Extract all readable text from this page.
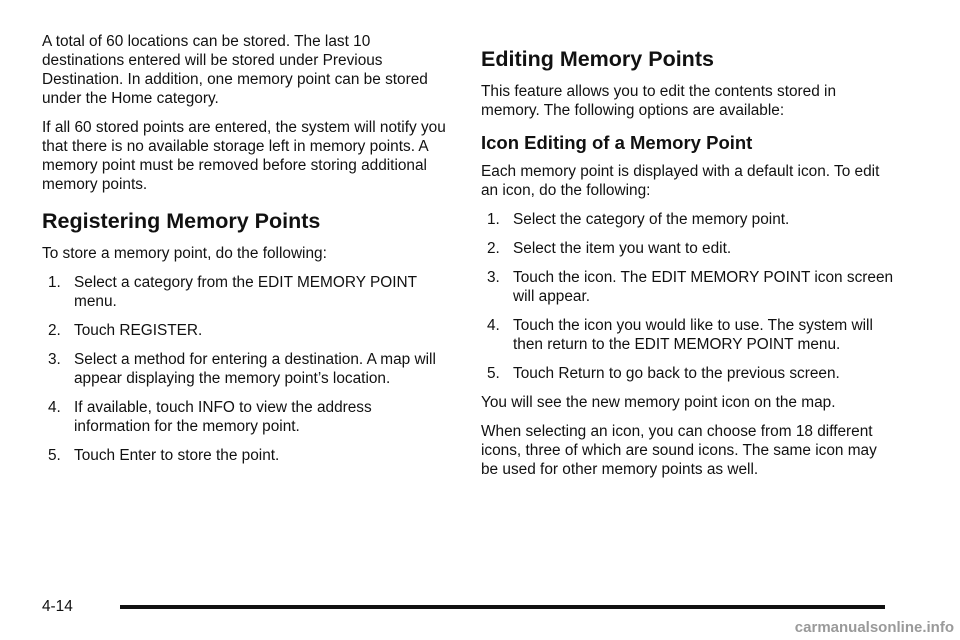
A total of 60 locations can be stored. The last 10 destinations entered will be stored under Previous Destination. In addition, one memory point can be stored under the Home category.

If all 60 stored points are entered, the system will notify you that there is no available storage left in memory points. A memory point must be removed before storing additional memory points.

Registering Memory Points

To store a memory point, do the following:

1. Select a category from the EDIT MEMORY POINT menu.
2. Touch REGISTER.
3. Select a method for entering a destination. A map will appear displaying the memory point’s location.
4. If available, touch INFO to view the address information for the memory point.
5. Touch Enter to store the point.
Editing Memory Points

This feature allows you to edit the contents stored in memory. The following options are available:

Icon Editing of a Memory Point

Each memory point is displayed with a default icon. To edit an icon, do the following:

1. Select the category of the memory point.
2. Select the item you want to edit.
3. Touch the icon. The EDIT MEMORY POINT icon screen will appear.
4. Touch the icon you would like to use. The system will then return to the EDIT MEMORY POINT menu.
5. Touch Return to go back to the previous screen.

You will see the new memory point icon on the map.

When selecting an icon, you can choose from 18 different icons, three of which are sound icons. The same icon may be used for other memory points as well.

4-14
carmanualsonline.info
